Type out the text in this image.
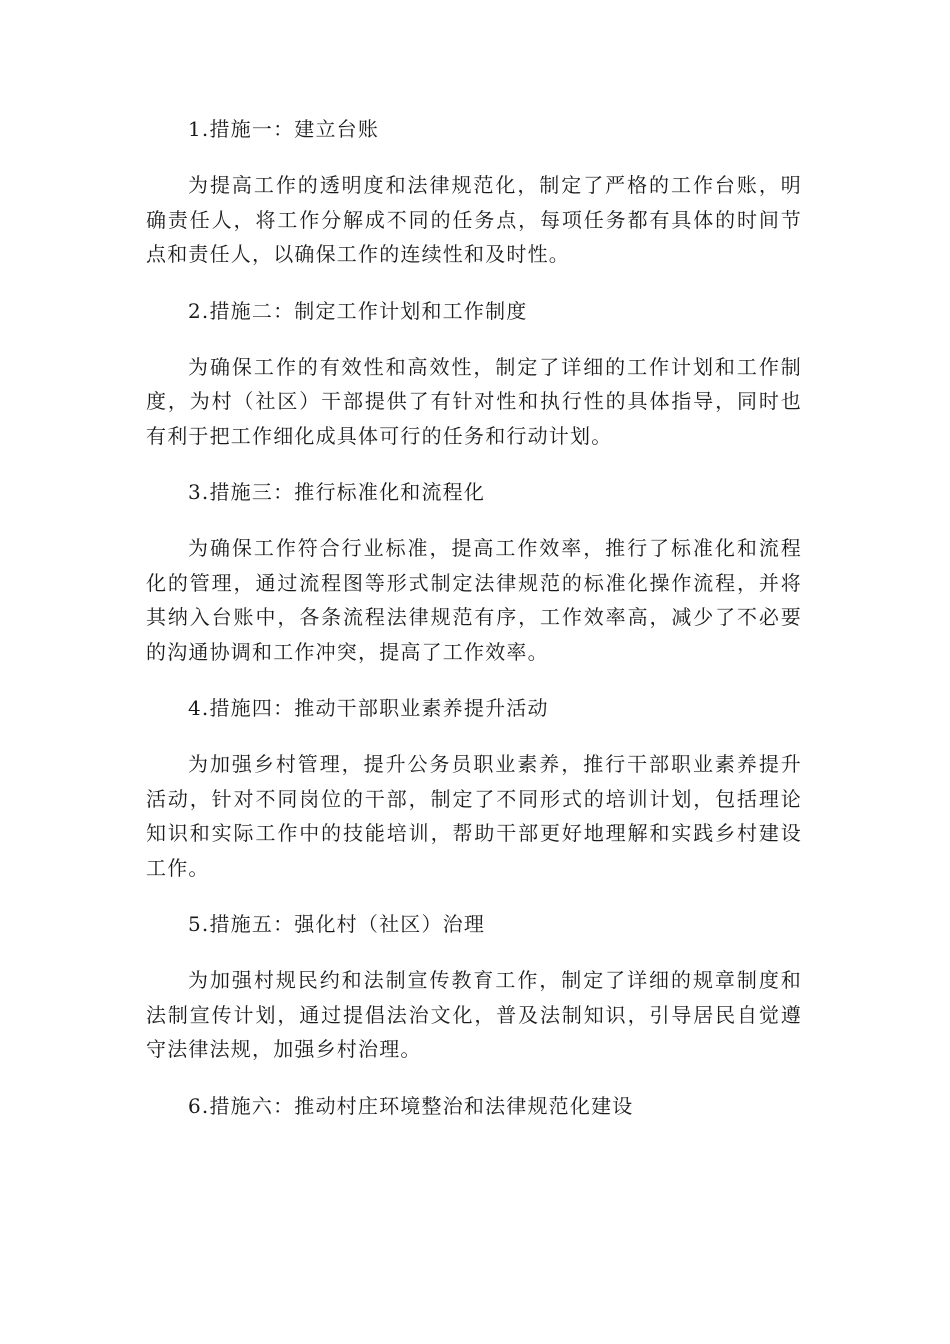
1.措施一：建立台账

为提高工作的透明度和法律规范化，制定了严格的工作台账，明确责任人，将工作分解成不同的任务点，每项任务都有具体的时间节点和责任人，以确保工作的连续性和及时性。

2.措施二：制定工作计划和工作制度

为确保工作的有效性和高效性，制定了详细的工作计划和工作制度，为村（社区）干部提供了有针对性和执行性的具体指导，同时也有利于把工作细化成具体可行的任务和行动计划。

3.措施三：推行标准化和流程化

为确保工作符合行业标准，提高工作效率，推行了标准化和流程化的管理，通过流程图等形式制定法律规范的标准化操作流程，并将其纳入台账中，各条流程法律规范有序，工作效率高，减少了不必要的沟通协调和工作冲突，提高了工作效率。

4.措施四：推动干部职业素养提升活动

为加强乡村管理，提升公务员职业素养，推行干部职业素养提升活动，针对不同岗位的干部，制定了不同形式的培训计划，包括理论知识和实际工作中的技能培训，帮助干部更好地理解和实践乡村建设工作。

5.措施五：强化村（社区）治理

为加强村规民约和法制宣传教育工作，制定了详细的规章制度和法制宣传计划，通过提倡法治文化，普及法制知识，引导居民自觉遵守法律法规，加强乡村治理。

6.措施六：推动村庄环境整治和法律规范化建设
